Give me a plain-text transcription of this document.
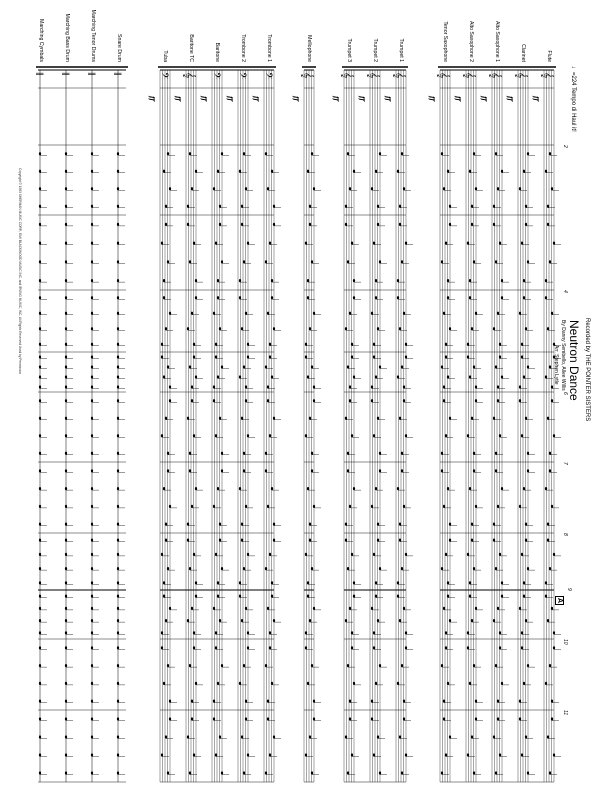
𝄞
𝄞
𝄞
𝄞
𝄞
𝄞
𝄞
𝄞
𝄞
𝄢
𝄢
𝄢
𝄞
𝄢
‖
‖
‖
‖
ff
ff
ff
ff
ff
ff
ff
ff
ff
ff
ff
ff
ff
ff
Recorded by THE POINTER SISTERS
Neutron Dance
By Danny Sembello, Allee Willis
Arr. Stephen Lytle
♩=224 Tempo di Haul it!
A
2
4
6
7
8
9
10
11
Flute
Clarinet
Alto Saxophone 1
Alto Saxophone 2
Tenor Saxophone
Trumpet 1
Trumpet 2
Trumpet 3
Mellophone
Trombone 1
Trombone 2
Baritone
Baritone TC
Tuba
Snare Drum
Marching Tenor Drums
Marching Bass Drum
Marching Cymbals
Copyright © 1983 SHERMAN MUSIC CORP., EMI BLACKWOOD MUSIC INC. and IRVING MUSIC, INC. All Rights Reserved Used by Permission
